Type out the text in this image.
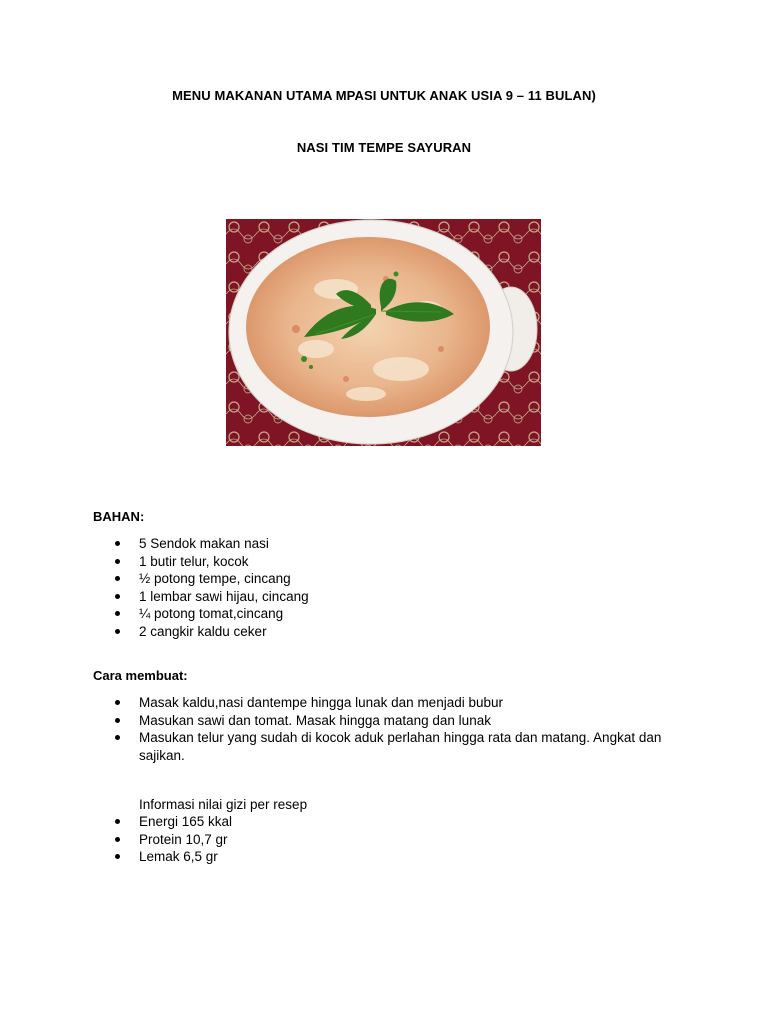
MENU MAKANAN UTAMA MPASI UNTUK ANAK USIA 9 – 11 BULAN)
NASI TIM TEMPE SAYURAN
BAHAN:
5 Sendok makan nasi
1 butir telur, kocok
½ potong tempe, cincang
1 lembar sawi hijau, cincang
¼ potong tomat,cincang
2 cangkir kaldu ceker
Cara membuat:
Masak kaldu,nasi dantempe hingga lunak dan menjadi bubur
Masukan sawi dan tomat. Masak hingga matang dan lunak
Masukan telur yang sudah di kocok aduk perlahan hingga rata dan matang. Angkat dan sajikan.
Informasi nilai gizi per resep
Energi 165 kkal
Protein 10,7 gr
Lemak 6,5 gr
